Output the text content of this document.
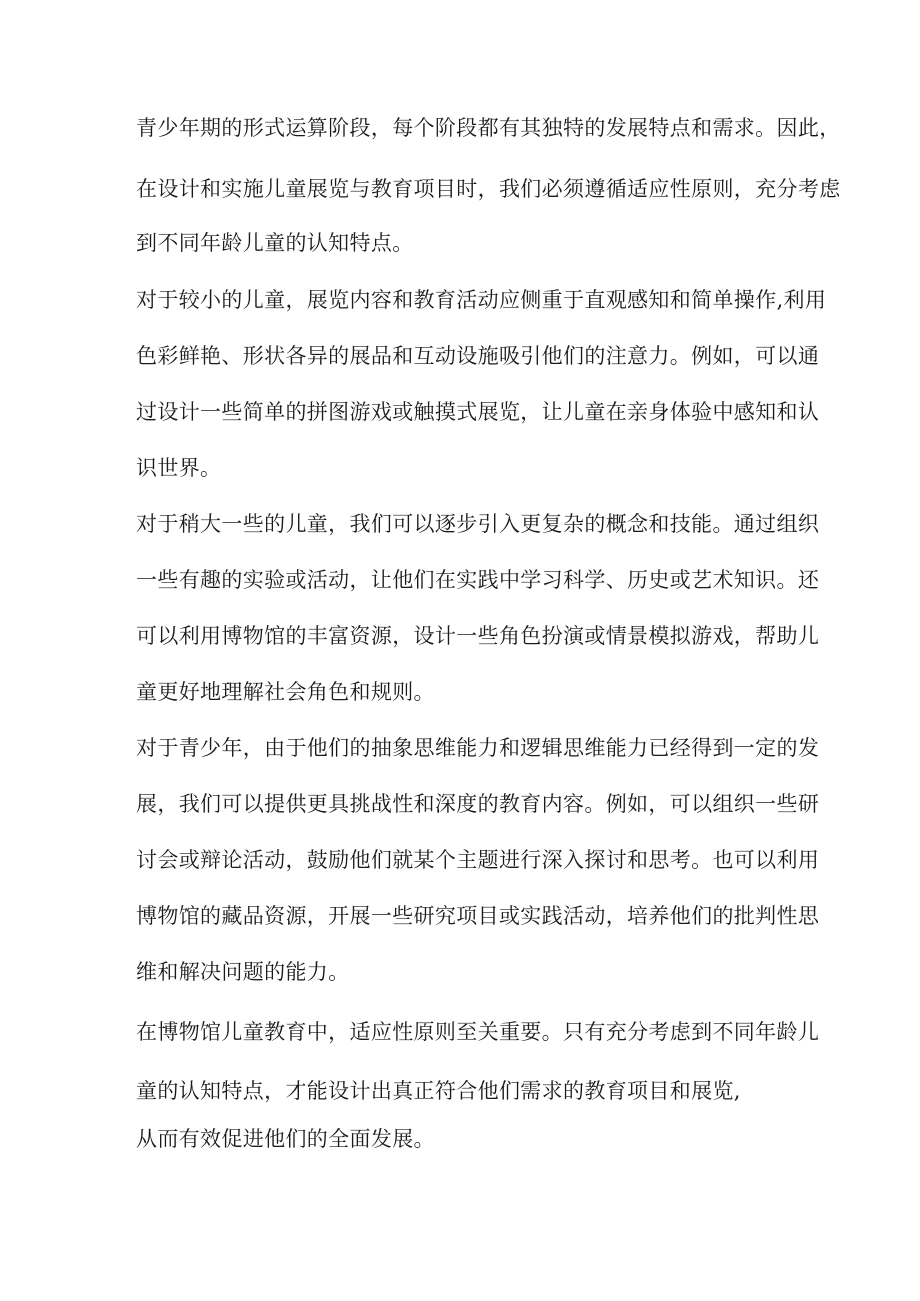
青少年期的形式运算阶段，每个阶段都有其独特的发展特点和需求。因此，
在设计和实施儿童展览与教育项目时，我们必须遵循适应性原则，充分考虑
到不同年龄儿童的认知特点。
对于较小的儿童，展览内容和教育活动应侧重于直观感知和简单操作,利用
色彩鲜艳、形状各异的展品和互动设施吸引他们的注意力。例如，可以通
过设计一些简单的拼图游戏或触摸式展览，让儿童在亲身体验中感知和认
识世界。
对于稍大一些的儿童，我们可以逐步引入更复杂的概念和技能。通过组织
一些有趣的实验或活动，让他们在实践中学习科学、历史或艺术知识。还
可以利用博物馆的丰富资源，设计一些角色扮演或情景模拟游戏，帮助儿
童更好地理解社会角色和规则。
对于青少年，由于他们的抽象思维能力和逻辑思维能力已经得到一定的发
展，我们可以提供更具挑战性和深度的教育内容。例如，可以组织一些研
讨会或辩论活动，鼓励他们就某个主题进行深入探讨和思考。也可以利用
博物馆的藏品资源，开展一些研究项目或实践活动，培养他们的批判性思
维和解决问题的能力。
在博物馆儿童教育中，适应性原则至关重要。只有充分考虑到不同年龄儿
童的认知特点，才能设计出真正符合他们需求的教育项目和展览,
从而有效促进他们的全面发展。
